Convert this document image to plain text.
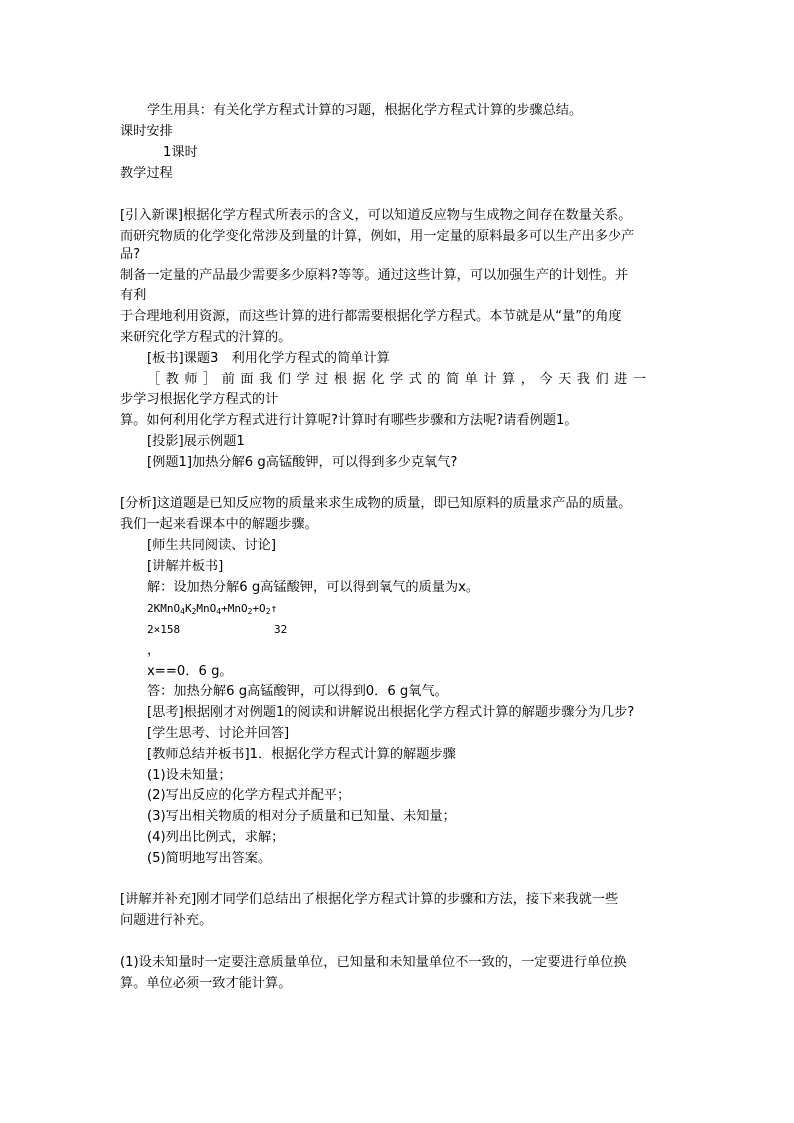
学生用具：有关化学方程式计算的习题，根据化学方程式计算的步骤总结。
课时安排
1课时
教学过程
[引入新课]根据化学方程式所表示的含义，可以知道反应物与生成物之间存在数量关系。
而研究物质的化学变化常涉及到量的计算，例如，用一定量的原料最多可以生产出多少产
品?
制备一定量的产品最少需要多少原料?等等。通过这些计算，可以加强生产的计划性。并
有利
于合理地利用资源，而这些计算的进行都需要根据化学方程式。本节就是从“量”的角度
来研究化学方程式的汁算的。
[板书]课题3　利用化学方程式的简单计算
［教师］前面我们学过根据化学式的简单计算，今天我们进一
步学习根据化学方程式的计
算。如何利用化学方程式进行计算呢?计算时有哪些步骤和方法呢?请看例题1。
[投影]展示例题1
[例题1]加热分解6 g高锰酸钾，可以得到多少克氧气?
[分析]这道题是已知反应物的质量来求生成物的质量，即已知原料的质量求产品的质量。
我们一起来看课本中的解题步骤。
[师生共同阅读、讨论]
[讲解并板书]
解：设加热分解6 g高锰酸钾，可以得到氧气的质量为x。
$2KMnO_4K_2MnO_4+MnO_2+O_2↑$
2×158	32
，
x==0．6 g。
答：加热分解6 g高锰酸钾，可以得到0．6 g氧气。
[思考]根据刚才对例题1的阅读和讲解说出根据化学方程式计算的解题步骤分为几步?
[学生思考、讨论并回答]
[教师总结并板书]1．根据化学方程式计算的解题步骤
(1)设未知量；
(2)写出反应的化学方程式并配平；
(3)写出相关物质的相对分子质量和已知量、未知量；
(4)列出比例式，求解；
(5)简明地写出答案。
[讲解并补充]刚才同学们总结出了根据化学方程式计算的步骤和方法，接下来我就一些
问题进行补充。
(1)设未知量时一定要注意质量单位，已知量和未知量单位不一致的，一定要进行单位换
算。单位必须一致才能计算。
